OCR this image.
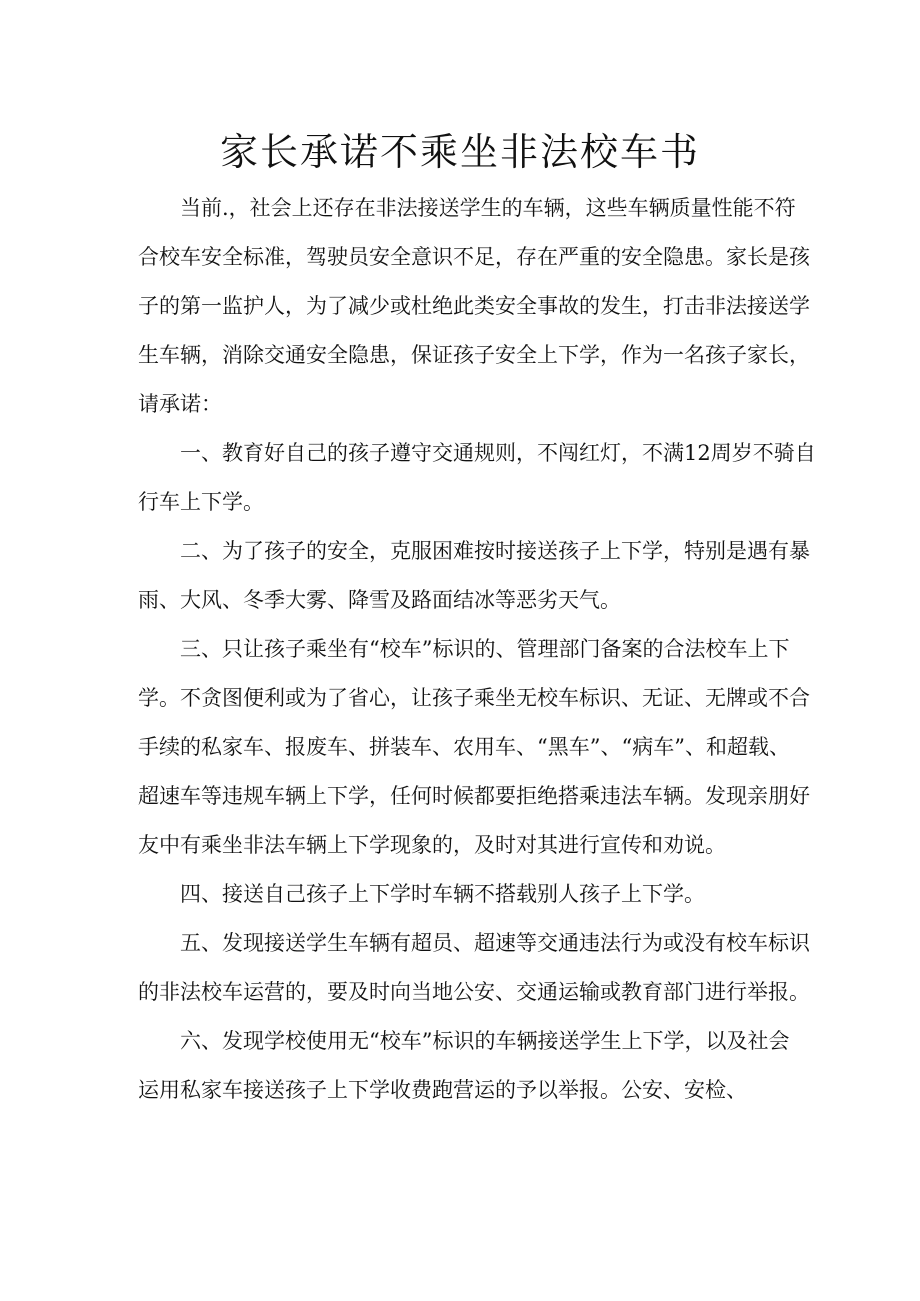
家长承诺不乘坐非法校车书

当前.，社会上还存在非法接送学生的车辆，这些车辆质量性能不符

合校车安全标准，驾驶员安全意识不足，存在严重的安全隐患。家长是孩

子的第一监护人，为了减少或杜绝此类安全事故的发生，打击非法接送学

生车辆，消除交通安全隐患，保证孩子安全上下学，作为一名孩子家长，

请承诺：

一、教育好自己的孩子遵守交通规则，不闯红灯，不满12周岁不骑自

行车上下学。

二、为了孩子的安全，克服困难按时接送孩子上下学，特别是遇有暴

雨、大风、冬季大雾、降雪及路面结冰等恶劣天气。

三、只让孩子乘坐有“校车”标识的、管理部门备案的合法校车上下

学。不贪图便利或为了省心，让孩子乘坐无校车标识、无证、无牌或不合

手续的私家车、报废车、拼装车、农用车、“黑车”、“病车”、和超载、

超速车等违规车辆上下学，任何时候都要拒绝搭乘违法车辆。发现亲朋好

友中有乘坐非法车辆上下学现象的，及时对其进行宣传和劝说。

四、接送自己孩子上下学时车辆不搭载别人孩子上下学。

五、发现接送学生车辆有超员、超速等交通违法行为或没有校车标识

的非法校车运营的，要及时向当地公安、交通运输或教育部门进行举报。

六、发现学校使用无“校车”标识的车辆接送学生上下学，以及社会

运用私家车接送孩子上下学收费跑营运的予以举报。公安、安检、
